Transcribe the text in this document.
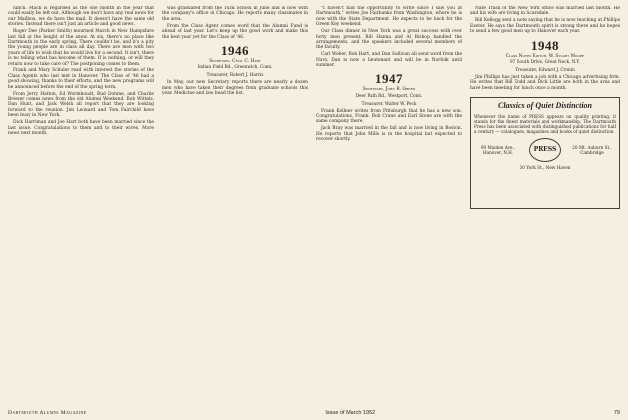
lunch. Mack is regarded as the one month in the year that could easily be left out. Although we don't have any real news for our Mailbox, we do have the mail. It doesn't have the same old stories. Instead there isn't just an article and good news.

Roger Dee (Parker Smith) mourned March in New Hampshire last fall at the height of the snow. At six, there's no place like Dartmouth in the early spring. There couldn't be, and it's a pity the young people are in class all day. There are men with two years of life to wish that he would live for a second. It isn't, there is no telling what has become of them. If is nothing, or will they return now to take care of? The postponing comes to them.

Frank and Mary Schuler read with interest the stories of the Class Agents who last met in Hanover. The Class of '46 had a good showing, thanks to their efforts, and the new programs will be announced before the end of the spring term.

From Jerry Hatton, Ed Wormhoudt, Bud Dohme, and Charlie Brewer comes news from the old Alumni Weekend. Bob Wittels, Dan Hunt, and Jack Welsh all report that they are looking forward to the reunion. Jim Leonard and Tom Fairchild have been busy in New York.

Dick Harriman and Joe Hart both have been married since the last issue. Congratulations to them and to their wives. More news next month.

was graduated from the Tuck School in June and is now with the company's office in Chicago. He reports many classmates in the area.

From the Class Agent comes word that the Alumni Fund is ahead of last year. Let's keep up the good work and make this the best year yet for the Class of '46.

1946
Secretary, Cecil C. Hart
Indian Field Rd., Greenwich, Conn.
Treasurer, Robert J. Harris

In May, our new Secretary reports there are nearly a dozen men who have taken their degrees from graduate schools this year. Medicine and law head the list.

"I haven't had the opportunity to write since I saw you at Dartmouth," writes Joe Fairbanks from Washington, where he is now with the State Department. He expects to be back for the Green Key weekend.

Our Class dinner in New York was a great success with over forty men present. Bill Hanna and Al Bishop handled the arrangements, and the speakers included several members of the faculty.

Carl Weber, Bob Hart, and Dan Sullivan all send word from the Navy. Dan is now a lieutenant and will be in Norfolk until summer.

1947
Secretary, John R. Green
Deer Path Rd., Westport, Conn.
Treasurer, Walter W. Peck

Frank Kellner writes from Pittsburgh that he has a new son. Congratulations, Frank. Bob Crane and Earl Stone are with the same company there.

Jack Bray was married in the fall and is now living in Boston. He reports that John Mills is in the hospital but expected to recover shortly.

Nate Trask of the New York office was married last month. He and his wife are living in Scarsdale.

Bill Kellogg sent a note saying that he is now teaching at Phillips Exeter. He says the Dartmouth spirit is strong there and he hopes to send a few good men up to Hanover each year.

1948
Class Notes Editor, W. Stuart Moore
97 South Drive, Great Neck, N.Y.
Treasurer, Edward J. Cronin

Jim Phillips has just taken a job with a Chicago advertising firm. He writes that Bill Todd and Dick Little are both in the area and have been meeting for lunch once a month.

Classics of Quiet Distinction
Whenever the name of PRESS appears on quality printing, it stands for the finest materials and workmanship. The Dartmouth Press has been associated with distinguished publications for half a century — catalogues, magazines and books of quiet distinction.
90 Maiden Ave., Hanover, N.H.	PRESS	20 Mt. Auburn St., Cambridge
30 York St., New Haven
Dartmouth Alumni Magazine	Issue of March 1952	79
